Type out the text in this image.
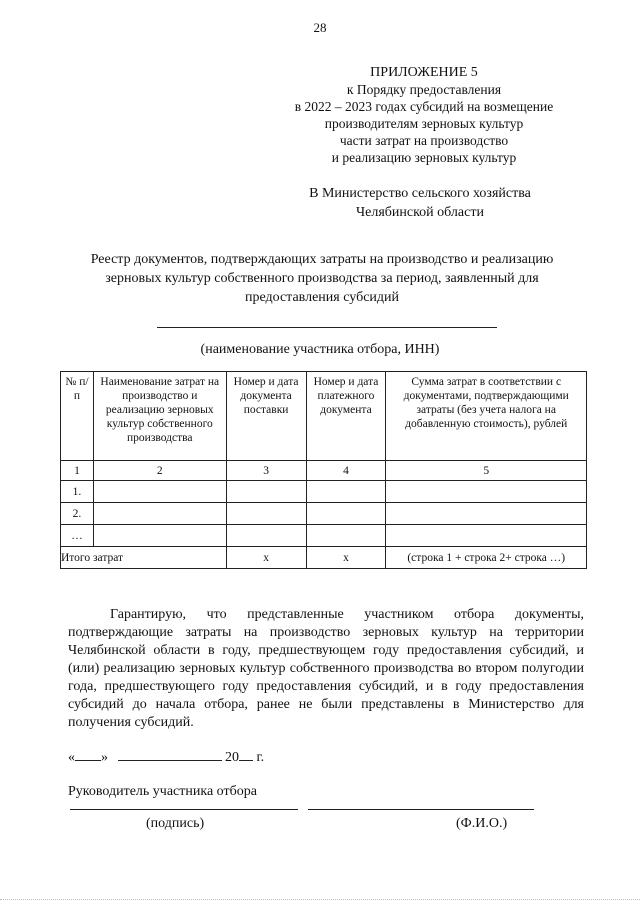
28
ПРИЛОЖЕНИЕ 5
к Порядку предоставления
в 2022 – 2023 годах субсидий на возмещение
производителям зерновых культур
части затрат на производство
и реализацию зерновых культур
В Министерство сельского хозяйства
Челябинской области
Реестр документов, подтверждающих затраты на производство и реализацию зерновых культур собственного производства за период, заявленный для предоставления субсидий
(наименование участника отбора, ИНН)
№ п/п	Наименование затрат на производство и реализацию зерновых культур собственного производства	Номер и дата документа поставки	Номер и дата платежного документа	Сумма затрат в соответствии с документами, подтверждающими затраты (без учета налога на добавленную стоимость), рублей
1	2	3	4	5
1.				
2.				
…				
Итого затрат		х	х	(строка 1 + строка 2+ строка …)
Гарантирую, что представленные участником отбора документы, подтверждающие затраты на производство зерновых культур на территории Челябинской области в году, предшествующем году предоставления субсидий, и (или) реализацию зерновых культур собственного производства во втором полугодии года, предшествующего году предоставления субсидий, и в году предоставления субсидий до начала отбора, ранее не были представлены в Министерство для получения субсидий.
« »	20 г.
Руководитель участника отбора
(подпись)	(Ф.И.О.)
